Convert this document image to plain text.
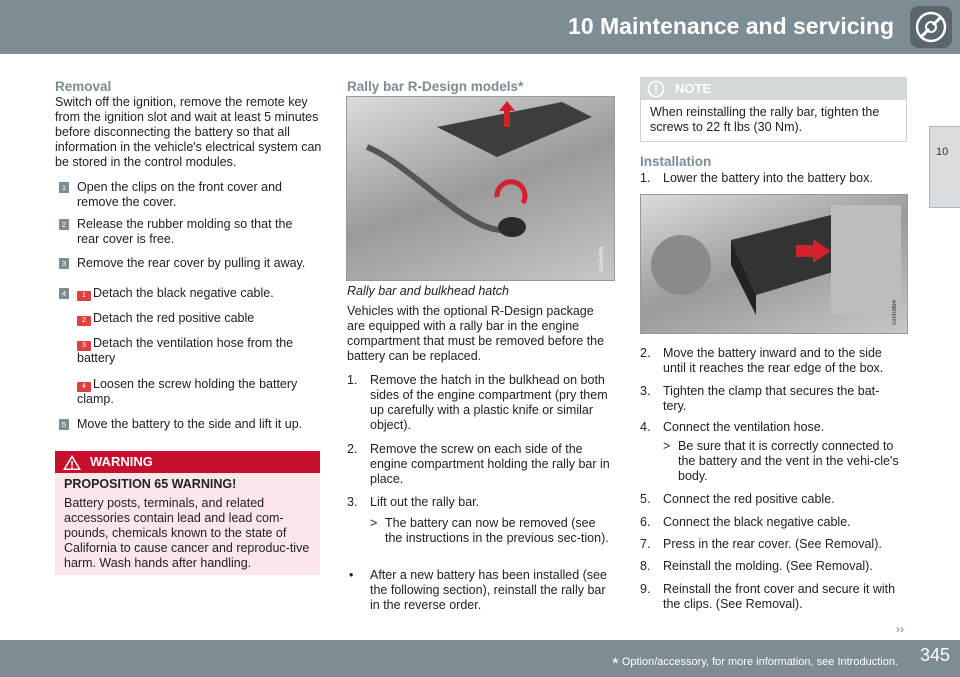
10 Maintenance and servicing
10
Removal

Switch off the ignition, remove the remote key from the ignition slot and wait at least 5 minutes before disconnecting the battery so that all information in the vehicle's electrical system can be stored in the control modules.

1 Open the clips on the front cover and remove the cover.
2 Release the rubber molding so that the rear cover is free.
3 Remove the rear cover by pulling it away.
4	1 Detach the black negative cable.
2 Detach the red positive cable
3 Detach the ventilation hose from the battery
4 Loosen the screw holding the battery clamp.
5 Move the battery to the side and lift it up.
WARNING

PROPOSITION 65 WARNING!

Battery posts, terminals, and related accessories contain lead and lead com-pounds, chemicals known to the state of California to cause cancer and reproduc-tive harm. Wash hands after handling.

Rally bar R-Design models*
G045405

Rally bar and bulkhead hatch

Vehicles with the optional R-Design package are equipped with a rally bar in the engine compartment that must be removed before the battery can be replaced.

1. Remove the hatch in the bulkhead on both sides of the engine compartment (pry them up carefully with a plastic knife or similar object).
2. Remove the screw on each side of the engine compartment holding the rally bar in place.
3. Lift out the rally bar.
> The battery can now be removed (see the instructions in the previous sec-tion).
• After a new battery has been installed (see the following section), reinstall the rally bar in the reverse order.
NOTE

When reinstalling the rally bar, tighten the screws to 22 ft lbs (30 Nm).

Installation
1. Lower the battery into the battery box.
G040864
2. Move the battery inward and to the side until it reaches the rear edge of the box.
3. Tighten the clamp that secures the bat-tery.
4. Connect the ventilation hose.
> Be sure that it is correctly connected to the battery and the vent in the vehi-cle's body.
5. Connect the red positive cable.
6. Connect the black negative cable.
7. Press in the rear cover. (See Removal).
8. Reinstall the molding. (See Removal).
9. Reinstall the front cover and secure it with the clips. (See Removal).
››
* Option/accessory, for more information, see Introduction. 345
